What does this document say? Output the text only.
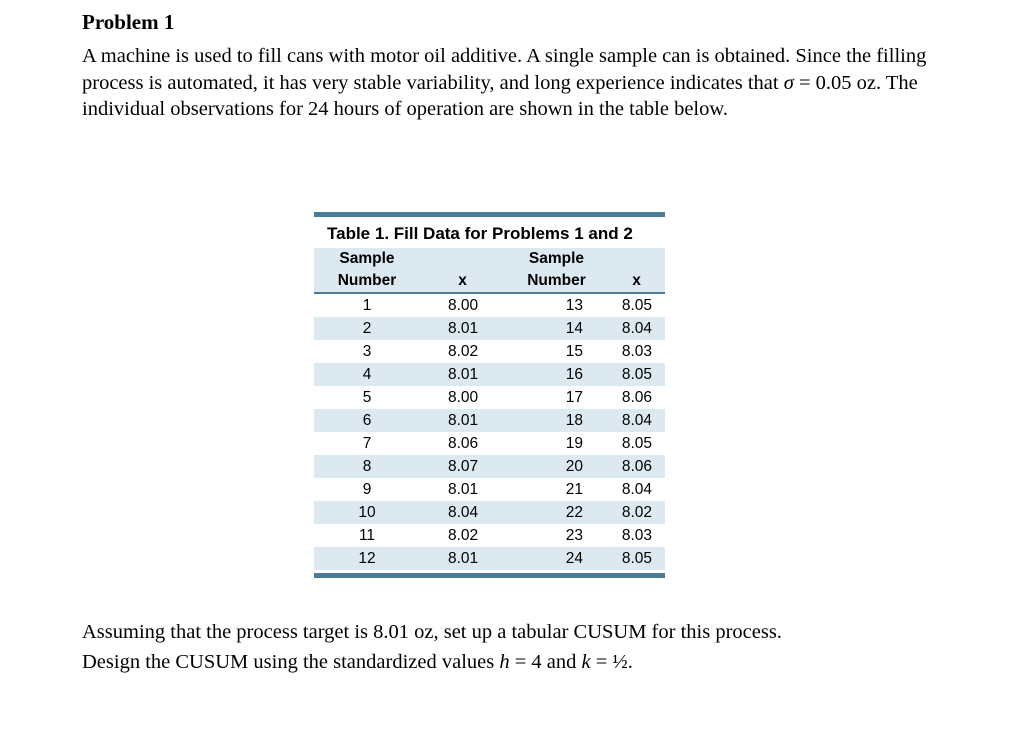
Problem 1

A machine is used to fill cans with motor oil additive. A single sample can is obtained. Since the filling process is automated, it has very stable variability, and long experience indicates that σ = 0.05 oz. The individual observations for 24 hours of operation are shown in the table below.

Table 1. Fill Data for Problems 1 and 2
Sample		Sample	
Number	x	Number	x
1	8.00	13	8.05
2	8.01	14	8.04
3	8.02	15	8.03
4	8.01	16	8.05
5	8.00	17	8.06
6	8.01	18	8.04
7	8.06	19	8.05
8	8.07	20	8.06
9	8.01	21	8.04
10	8.04	22	8.02
11	8.02	23	8.03
12	8.01	24	8.05

Assuming that the process target is 8.01 oz, set up a tabular CUSUM for this process.
Design the CUSUM using the standardized values h = 4 and k = ½.
